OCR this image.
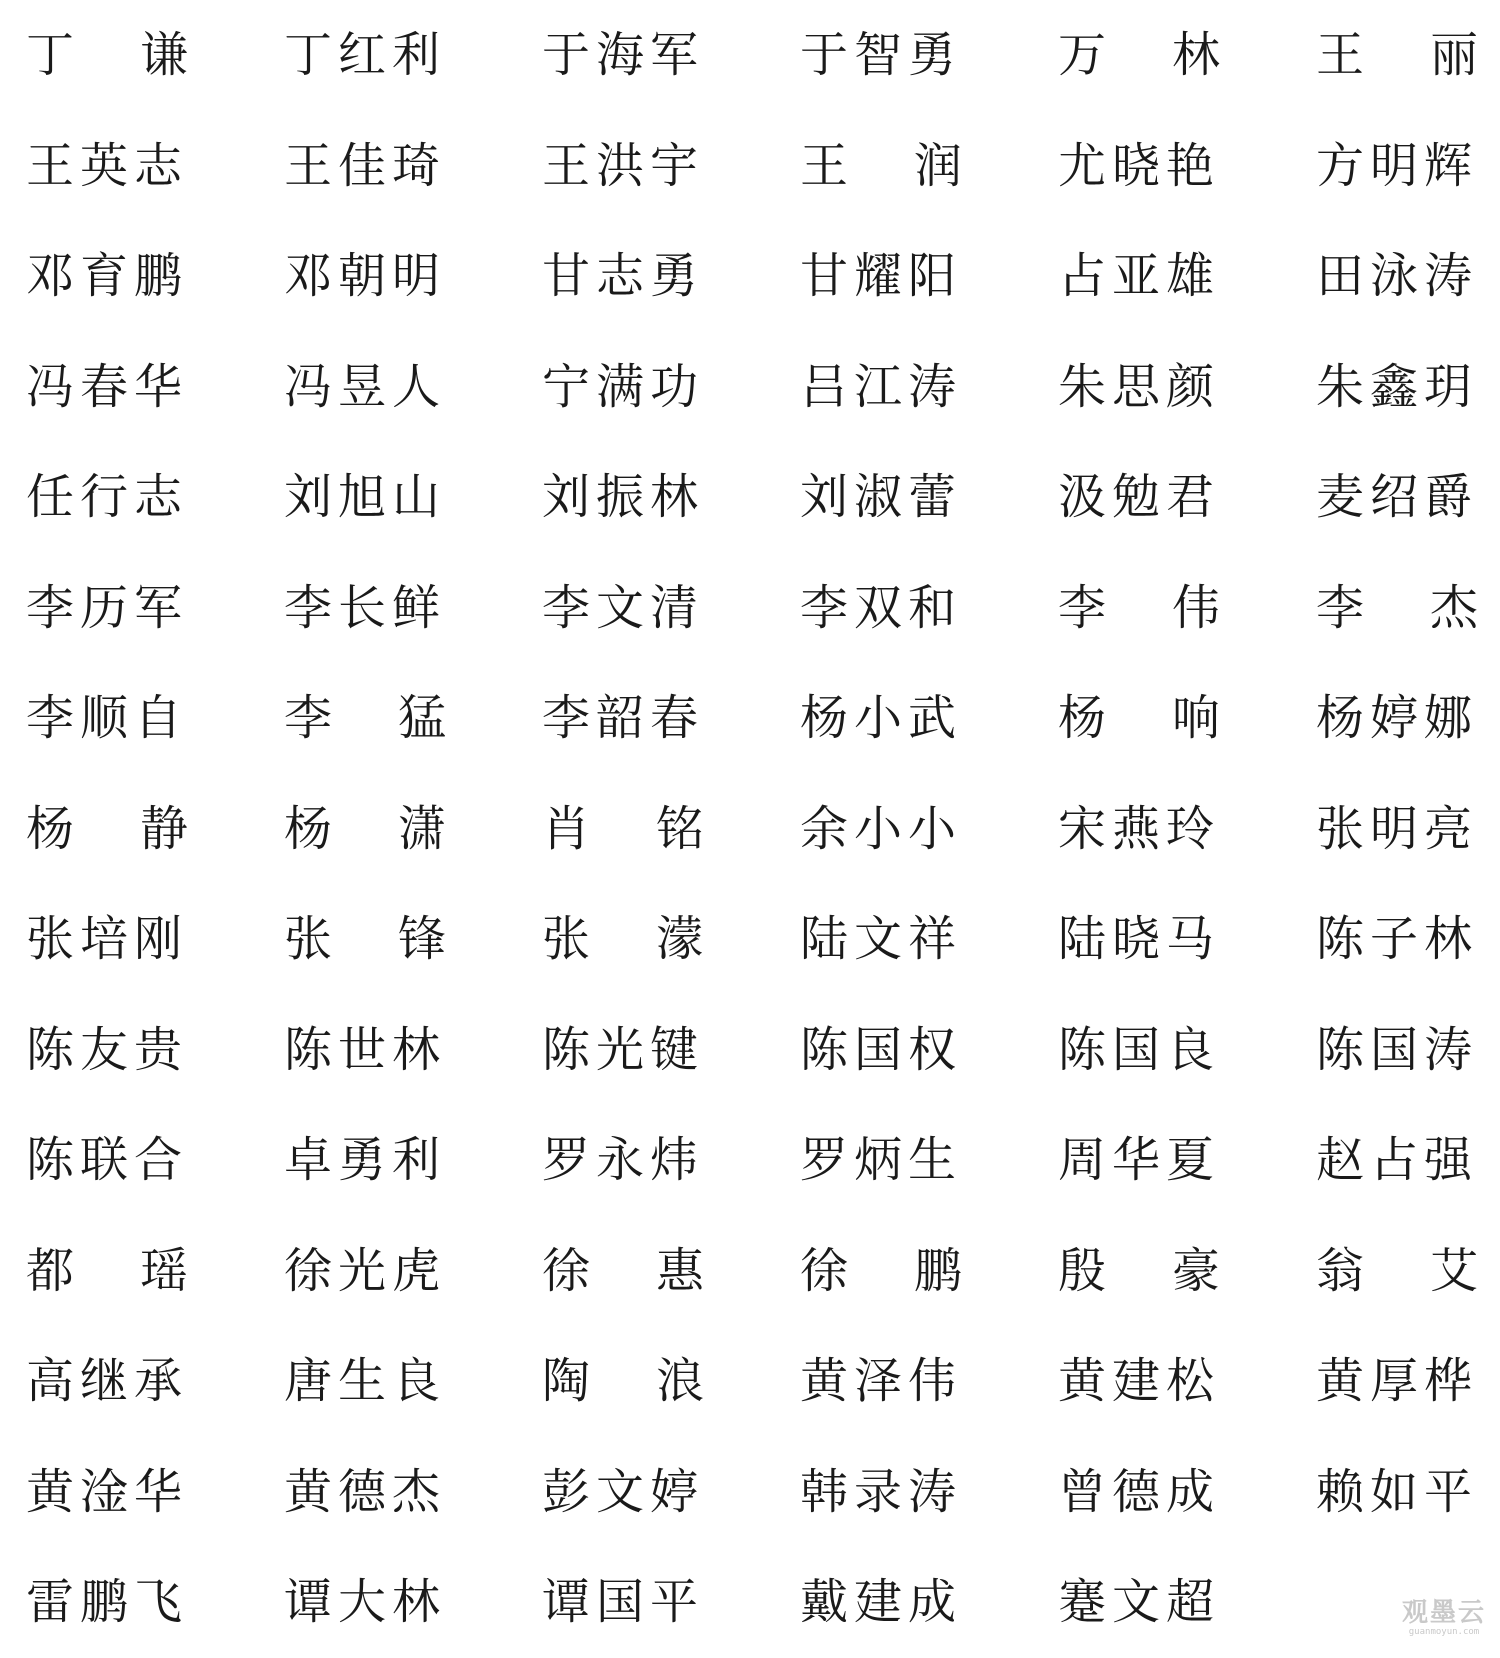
丁谦 丁红利 于海军 于智勇 万林 王丽
王英志 王佳琦 王洪宇 王润 尤晓艳 方明辉
邓育鹏 邓朝明 甘志勇 甘耀阳 占亚雄 田泳涛
冯春华 冯昱人 宁满功 吕江涛 朱思颜 朱鑫玥
任行志 刘旭山 刘振林 刘淑蕾 汲勉君 麦绍爵
李历军 李长鲜 李文清 李双和 李伟 李杰
李顺自 李猛 李韶春 杨小武 杨响 杨婷娜
杨静 杨潇 肖铭 余小小 宋燕玲 张明亮
张培刚 张锋 张濛 陆文祥 陆晓马 陈子林
陈友贵 陈世林 陈光键 陈国权 陈国良 陈国涛
陈联合 卓勇利 罗永炜 罗炳生 周华夏 赵占强
都瑶 徐光虎 徐惠 徐鹏 殷豪 翁艾
高继承 唐生良 陶浪 黄泽伟 黄建松 黄厚桦
黄淦华 黄德杰 彭文婷 韩录涛 曾德成 赖如平
雷鹏飞 谭大林 谭国平 戴建成 蹇文超	观墨云
guanmoyun.com
